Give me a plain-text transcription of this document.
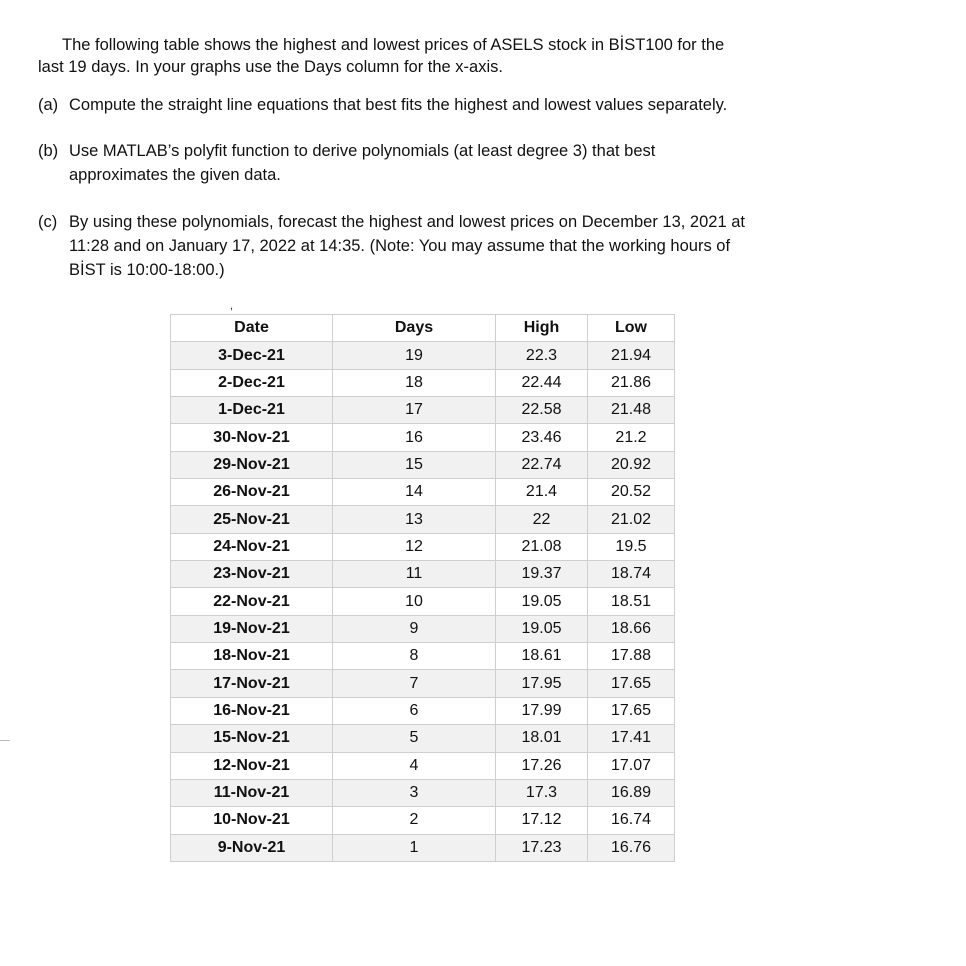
The following table shows the highest and lowest prices of ASELS stock in BİST100 for the
last 19 days. In your graphs use the Days column for the x-axis.

(a) Compute the straight line equations that best fits the highest and lowest values separately.
(b) Use MATLAB’s polyfit function to derive polynomials (at least degree 3) that best
approximates the given data.
(c) By using these polynomials, forecast the highest and lowest prices on December 13, 2021 at
11:28 and on January 17, 2022 at 14:35. (Note: You may assume that the working hours of
BİST is 10:00-18:00.)
,
Date	Days	High	Low
3-Dec-21	19	22.3	21.94
2-Dec-21	18	22.44	21.86
1-Dec-21	17	22.58	21.48
30-Nov-21	16	23.46	21.2
29-Nov-21	15	22.74	20.92
26-Nov-21	14	21.4	20.52
25-Nov-21	13	22	21.02
24-Nov-21	12	21.08	19.5
23-Nov-21	11	19.37	18.74
22-Nov-21	10	19.05	18.51
19-Nov-21	9	19.05	18.66
18-Nov-21	8	18.61	17.88
17-Nov-21	7	17.95	17.65
16-Nov-21	6	17.99	17.65
15-Nov-21	5	18.01	17.41
12-Nov-21	4	17.26	17.07
11-Nov-21	3	17.3	16.89
10-Nov-21	2	17.12	16.74
9-Nov-21	1	17.23	16.76
